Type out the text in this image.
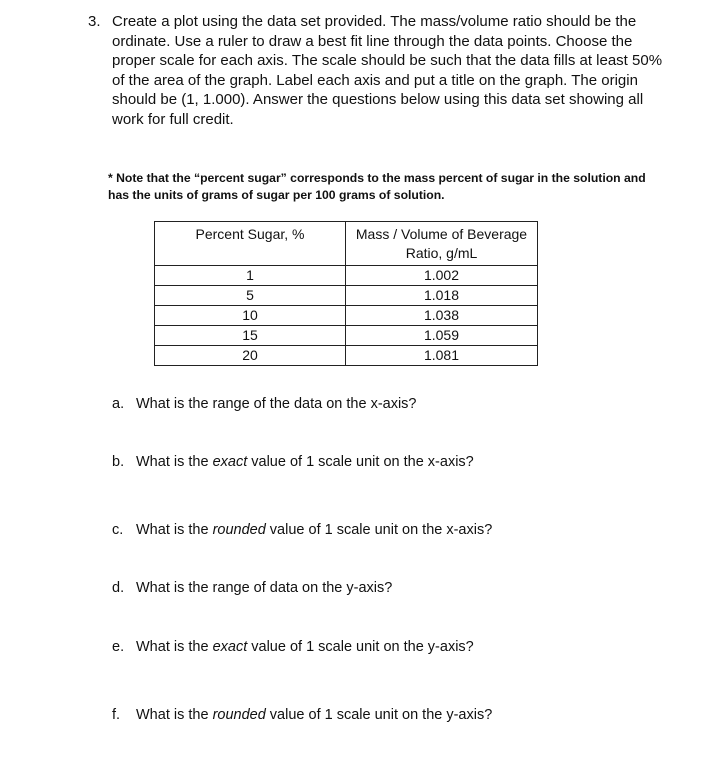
3. Create a plot using the data set provided. The mass/volume ratio should be the ordinate. Use a ruler to draw a best fit line through the data points. Choose the proper scale for each axis. The scale should be such that the data fills at least 50% of the area of the graph. Label each axis and put a title on the graph. The origin should be (1, 1.000). Answer the questions below using this data set showing all work for full credit.
* Note that the “percent sugar” corresponds to the mass percent of sugar in the solution and has the units of grams of sugar per 100 grams of solution.
Percent Sugar, %	Mass / Volume of Beverage Ratio, g/mL
1	1.002
5	1.018
10	1.038
15	1.059
20	1.081
a. What is the range of the data on the x-axis?
b. What is the exact value of 1 scale unit on the x-axis?
c. What is the rounded value of 1 scale unit on the x-axis?
d. What is the range of data on the y-axis?
e. What is the exact value of 1 scale unit on the y-axis?
f. What is the rounded value of 1 scale unit on the y-axis?
